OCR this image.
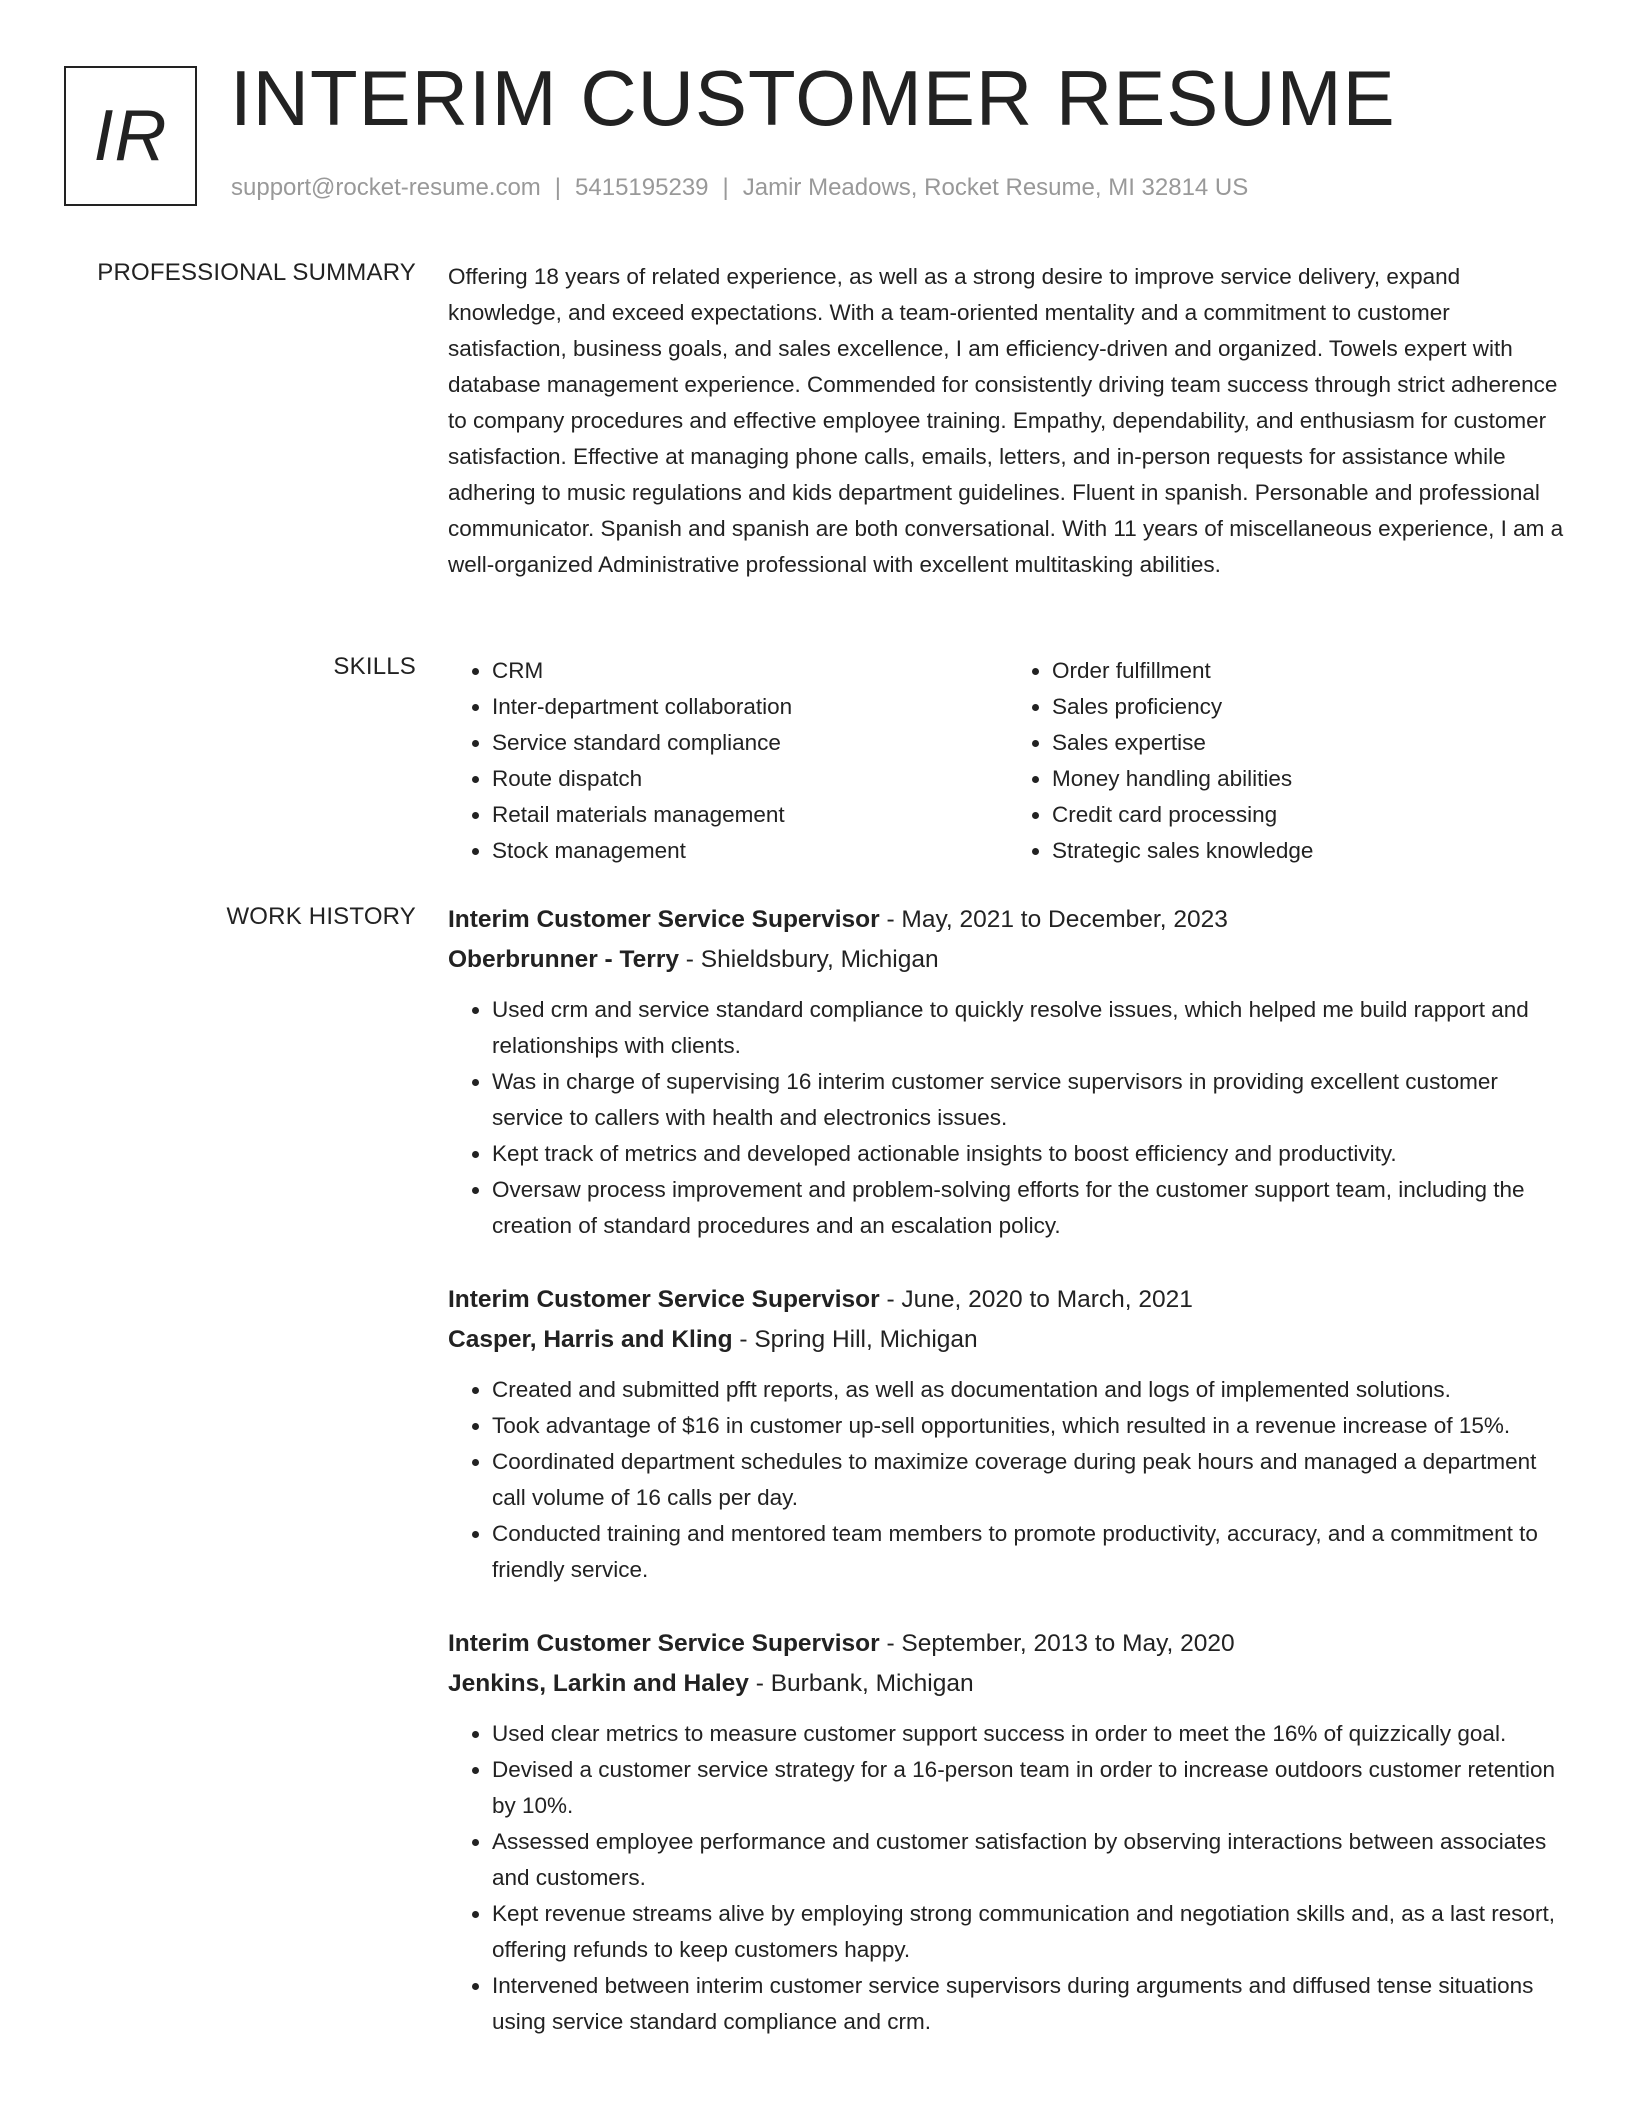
IR INTERIM CUSTOMER RESUME
support@rocket-resume.com | 5415195239 | Jamir Meadows, Rocket Resume, MI 32814 US
PROFESSIONAL SUMMARY Offering 18 years of related experience, as well as a strong desire to improve service delivery, expand knowledge, and exceed expectations. With a team-oriented mentality and a commitment to customer satisfaction, business goals, and sales excellence, I am efficiency-driven and organized. Towels expert with database management experience. Commended for consistently driving team success through strict adherence to company procedures and effective employee training. Empathy, dependability, and enthusiasm for customer satisfaction. Effective at managing phone calls, emails, letters, and in-person requests for assistance while adhering to music regulations and kids department guidelines. Fluent in spanish. Personable and professional communicator. Spanish and spanish are both conversational. With 11 years of miscellaneous experience, I am a well-organized Administrative professional with excellent multitasking abilities.

SKILLS
•	CRM
• Inter-department collaboration
• Service standard compliance
• Route dispatch
• Retail materials management
• Stock management
• Order fulfillment
• Sales proficiency
• Sales expertise
• Money handling abilities
• Credit card processing
• Strategic sales knowledge
WORK HISTORY Interim Customer Service Supervisor - May, 2021 to December, 2023
Oberbrunner - Terry - Shieldsbury, Michigan
• Used crm and service standard compliance to quickly resolve issues, which helped me build rapport and relationships with clients.
• Was in charge of supervising 16 interim customer service supervisors in providing excellent customer service to callers with health and electronics issues.
• Kept track of metrics and developed actionable insights to boost efficiency and productivity.
• Oversaw process improvement and problem-solving efforts for the customer support team, including the creation of standard procedures and an escalation policy.
Interim Customer Service Supervisor - June, 2020 to March, 2021
Casper, Harris and Kling - Spring Hill, Michigan
• Created and submitted pfft reports, as well as documentation and logs of implemented solutions.
• Took advantage of $16 in customer up-sell opportunities, which resulted in a revenue increase of 15%.
• Coordinated department schedules to maximize coverage during peak hours and managed a department call volume of 16 calls per day.
• Conducted training and mentored team members to promote productivity, accuracy, and a commitment to friendly service.
Interim Customer Service Supervisor - September, 2013 to May, 2020
Jenkins, Larkin and Haley - Burbank, Michigan
• Used clear metrics to measure customer support success in order to meet the 16% of quizzically goal.
• Devised a customer service strategy for a 16-person team in order to increase outdoors customer retention by 10%.
• Assessed employee performance and customer satisfaction by observing interactions between associates and customers.
• Kept revenue streams alive by employing strong communication and negotiation skills and, as a last resort, offering refunds to keep customers happy.
• Intervened between interim customer service supervisors during arguments and diffused tense situations using service standard compliance and crm.
